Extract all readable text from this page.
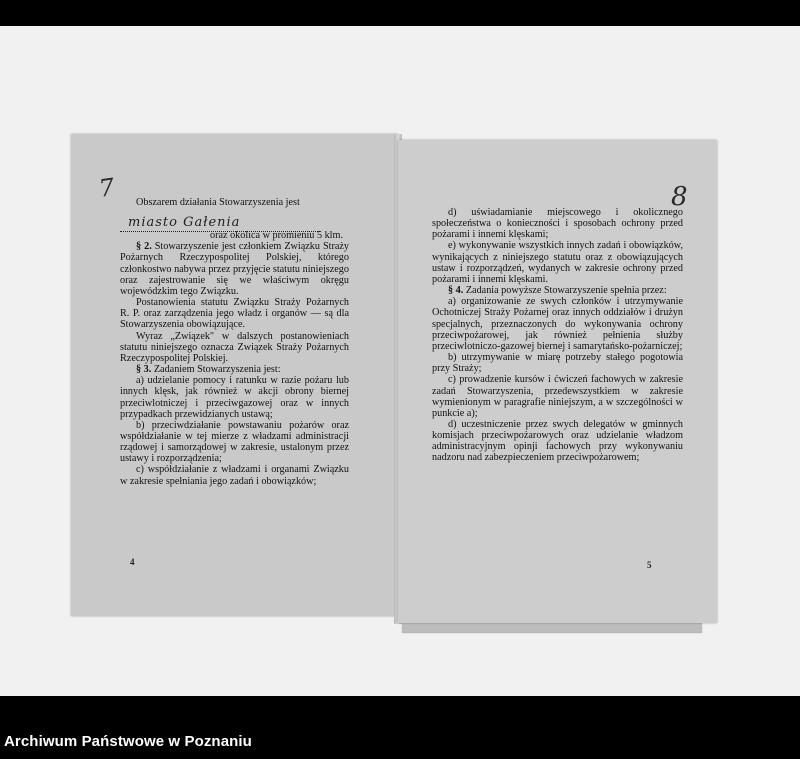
7	Obszarem działania Stowarzyszenia jest

miasto Gałenia

oraz okolica w promieniu 5 klm.

§ 2. Stowarzyszenie jest członkiem Związku Straży Pożarnych Rzeczypospolitej Polskiej, którego członkostwo nabywa przez przyjęcie statutu niniejszego oraz zajestrowanie się we właściwym okręgu wojewódzkim tego Związku.

Postanowienia statutu Związku Straży Pożarnych R. P. oraz zarządzenia jego władz i organów — są dla Stowarzyszenia obowiązujące.

Wyraz „Związek" w dalszych postanowieniach statutu niniejszego oznacza Związek Straży Pożarnych Rzeczypospolitej Polskiej.

§ 3. Zadaniem Stowarzyszenia jest:

a) udzielanie pomocy i ratunku w razie pożaru lub innych klęsk, jak również w akcji obrony biernej przeciwlotniczej i przeciwgazowej oraz w innych przypadkach przewidzianych ustawą;

b) przeciwdziałanie powstawaniu pożarów oraz współdziałanie w tej mierze z władzami administracji rządowej i samorządowej w zakresie, ustalonym przez ustawy i rozporządzenia;

c) współdziałanie z władzami i organami Związku w zakresie spełniania jego zadań i obowiązków;

4
8

d) uświadamianie miejscowego i okolicznego społeczeństwa o konieczności i sposobach ochrony przed pożarami i innemi klęskami;

e) wykonywanie wszystkich innych zadań i obowiązków, wynikających z niniejszego statutu oraz z obowiązujących ustaw i rozporządzeń, wydanych w zakresie ochrony przed pożarami i innemi klęskami.

§ 4. Zadania powyższe Stowarzyszenie spełnia przez:

a) organizowanie ze swych członków i utrzymywanie Ochotniczej Straży Pożarnej oraz innych oddziałów i drużyn specjalnych, przeznaczonych do wykonywania ochrony przeciwpożarowej, jak również pełnienia służby przeciwlotniczo-gazowej biernej i samarytańsko-pożarniczej;

b) utrzymywanie w miarę potrzeby stałego pogotowia przy Straży;

c) prowadzenie kursów i ćwiczeń fachowych w zakresie zadań Stowarzyszenia, przedewszystkiem w zakresie wymienionym w paragrafie niniejszym, a w szczególności w punkcie a);

d) uczestniczenie przez swych delegatów w gminnych komisjach przeciwpożarowych oraz udzielanie władzom administracyjnym opinji fachowych przy wykonywaniu nadzoru nad zabezpieczeniem przeciwpożarowem;

5
Archiwum Państwowe w Poznaniu
